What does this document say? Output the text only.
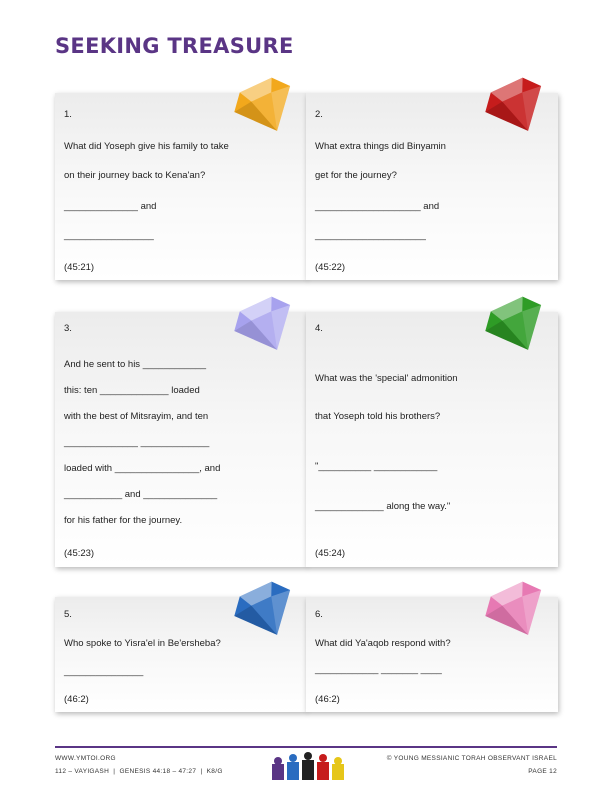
SEEKING TREASURE

1.

What did Yoseph give his family to take

on their journey back to Kena'an?

______________ and

_________________

(45:21)

2.

What extra things did Binyamin

get for the journey?

____________________ and

_____________________

(45:22)

3.

And he sent to his ____________

this: ten _____________ loaded

with the best of Mitsrayim, and ten

______________ _____________

loaded with ________________, and

___________ and ______________

for his father for the journey.

(45:23)

4.

What was the 'special' admonition

that Yoseph told his brothers?

"__________ ____________

_____________ along the way."

(45:24)

5.

Who spoke to Yisra'el in Be'ersheba?

_______________

(46:2)

6.

What did Ya'aqob respond with?

____________ _______ ____

(46:2)

WWW.YMTOI.ORG
112 – VAYIGASH  |  GENESIS 44:18 – 47:27  |  K8/G
© YOUNG MESSIANIC TORAH OBSERVANT ISRAEL
PAGE 12
